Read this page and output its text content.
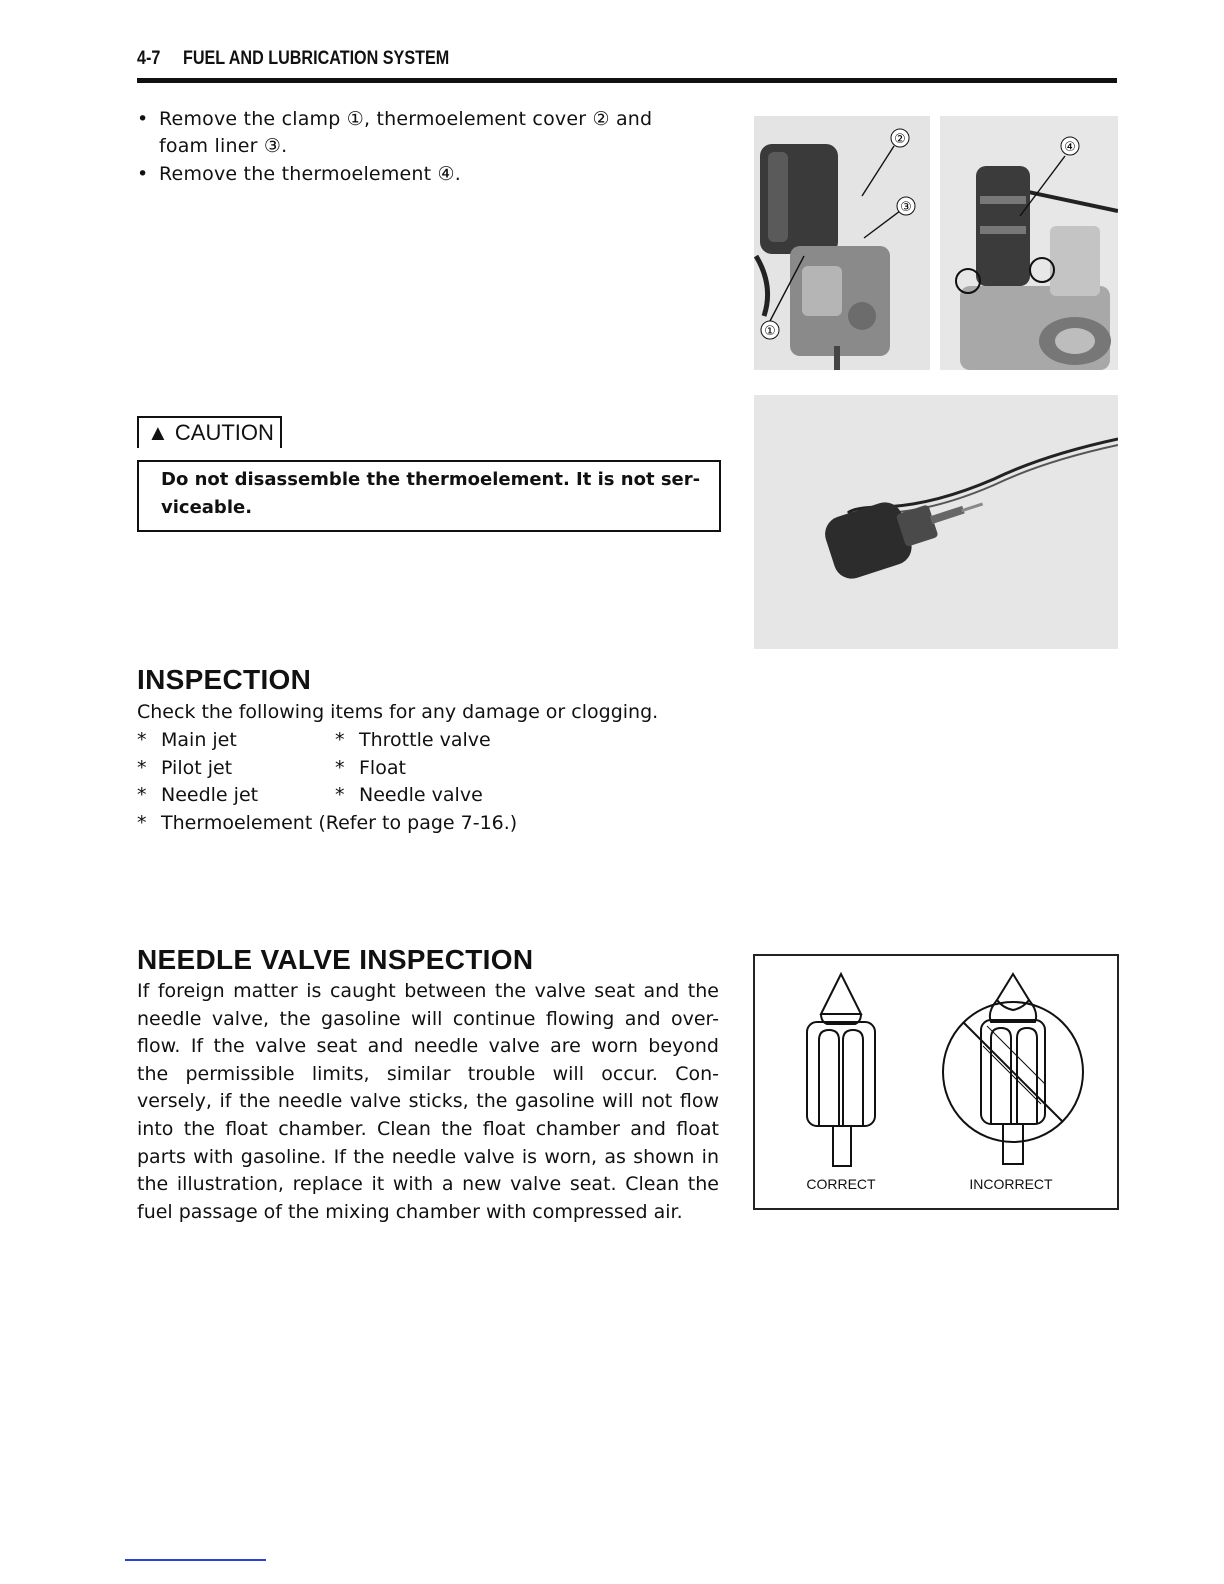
4-7 FUEL AND LUBRICATION SYSTEM
• Remove the clamp ①, thermoelement cover ② and
foam liner ③.
• Remove the thermoelement ④.
②
③
①
④
▲ CAUTION
Do not disassemble the thermoelement. It is not ser-
viceable.
INSPECTION
Check the following items for any damage or clogging.
* Main jet	* Throttle valve
* Pilot jet	* Float
* Needle jet	* Needle valve
* Thermoelement (Refer to page 7-16.)
NEEDLE VALVE INSPECTION
If foreign matter is caught between the valve seat and the
needle valve, the gasoline will continue flowing and over-
flow. If the valve seat and needle valve are worn beyond
the permissible limits, similar trouble will occur. Con-
versely, if the needle valve sticks, the gasoline will not flow
into the float chamber. Clean the float chamber and float
parts with gasoline. If the needle valve is worn, as shown in
the illustration, replace it with a new valve seat. Clean the
fuel passage of the mixing chamber with compressed air.
CORRECT	INCORRECT
